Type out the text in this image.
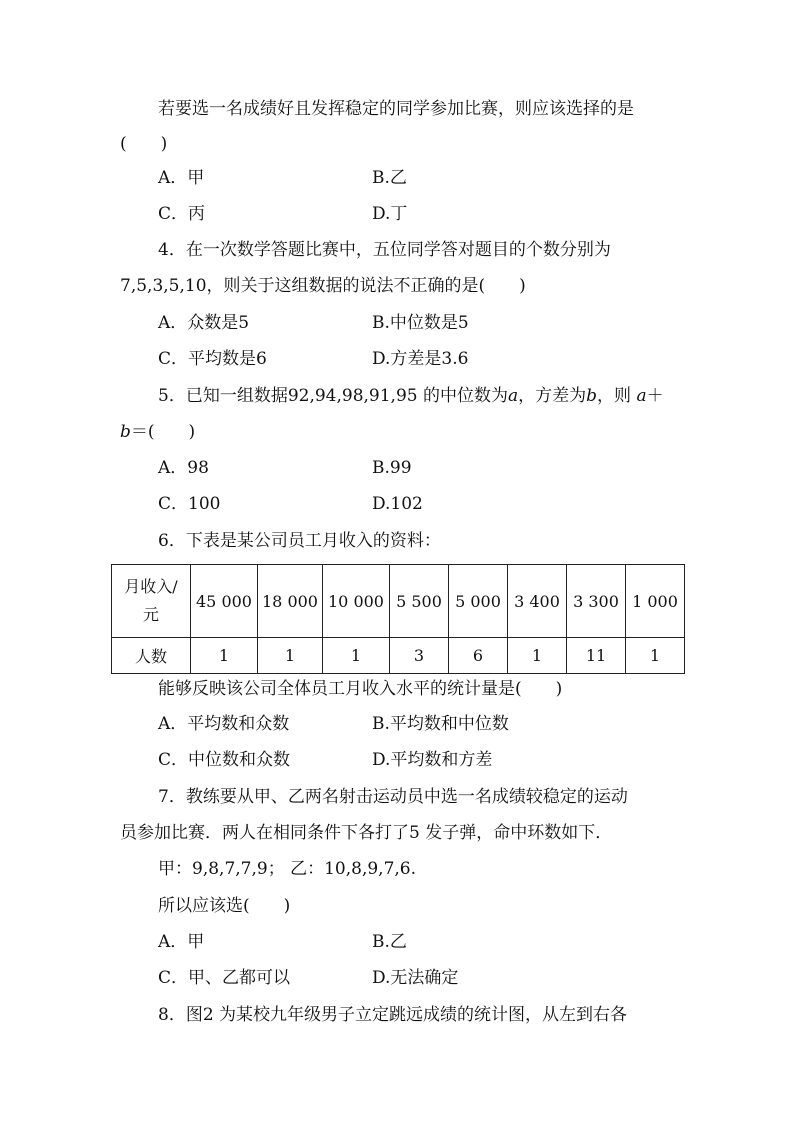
若要选一名成绩好且发挥稳定的同学参加比赛，则应该选择的是
(　　)
A．甲	B.乙
C．丙	D.丁
4．在一次数学答题比赛中，五位同学答对题目的个数分别为
7,5,3,5,10，则关于这组数据的说法不正确的是(　　)
A．众数是5	B.中位数是5
C．平均数是6	D.方差是3.6
5．已知一组数据92,94,98,91,95 的中位数为a，方差为b，则 a＋
b＝(　　)
A．98	B.99
C．100	D.102
6．下表是某公司员工月收入的资料：
月收入/
元	45 000	18 000	10 000	5 500	5 000	3 400	3 300	1 000
人数	1	1	1	3	6	1	11	1
能够反映该公司全体员工月收入水平的统计量是(　　)
A．平均数和众数	B.平均数和中位数
C．中位数和众数	D.平均数和方差
7．教练要从甲、乙两名射击运动员中选一名成绩较稳定的运动
员参加比赛．两人在相同条件下各打了5 发子弹，命中环数如下．
甲：9,8,7,7,9； 乙：10,8,9,7,6.
所以应该选(　　)
A．甲	B.乙
C．甲、乙都可以	D.无法确定
8．图2 为某校九年级男子立定跳远成绩的统计图，从左到右各
